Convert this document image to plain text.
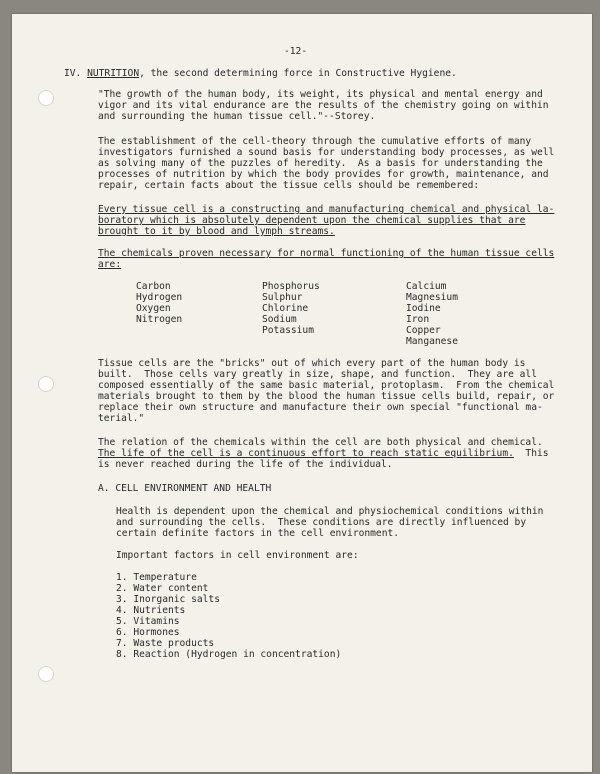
-12-
IV. NUTRITION, the second determining force in Constructive Hygiene.
"The growth of the human body, its weight, its physical and mental energy and
vigor and its vital endurance are the results of the chemistry going on within
and surrounding the human tissue cell."--Storey.
The establishment of the cell-theory through the cumulative efforts of many
investigators furnished a sound basis for understanding body processes, as well
as solving many of the puzzles of heredity.  As a basis for understanding the
processes of nutrition by which the body provides for growth, maintenance, and
repair, certain facts about the tissue cells should be remembered:
Every tissue cell is a constructing and manufacturing chemical and physical la-
boratory which is absolutely dependent upon the chemical supplies that are
brought to it by blood and lymph streams.
The chemicals proven necessary for normal functioning of the human tissue cells
are:
Carbon
Hydrogen
Oxygen
Nitrogen
Phosphorus
Sulphur
Chlorine
Sodium
Potassium
Calcium
Magnesium
Iodine
Iron
Copper
Manganese
Tissue cells are the "bricks" out of which every part of the human body is
built.  Those cells vary greatly in size, shape, and function.  They are all
composed essentially of the same basic material, protoplasm.  From the chemical
materials brought to them by the blood the human tissue cells build, repair, or
replace their own structure and manufacture their own special "functional ma-
terial."
The relation of the chemicals within the cell are both physical and chemical.
The life of the cell is a continuous effort to reach static equilibrium.  This
is never reached during the life of the individual.
A. CELL ENVIRONMENT AND HEALTH
Health is dependent upon the chemical and physiochemical conditions within
and surrounding the cells.  These conditions are directly influenced by
certain definite factors in the cell environment.
Important factors in cell environment are:
1. Temperature
2. Water content
3. Inorganic salts
4. Nutrients
5. Vitamins
6. Hormones
7. Waste products
8. Reaction (Hydrogen in concentration)
